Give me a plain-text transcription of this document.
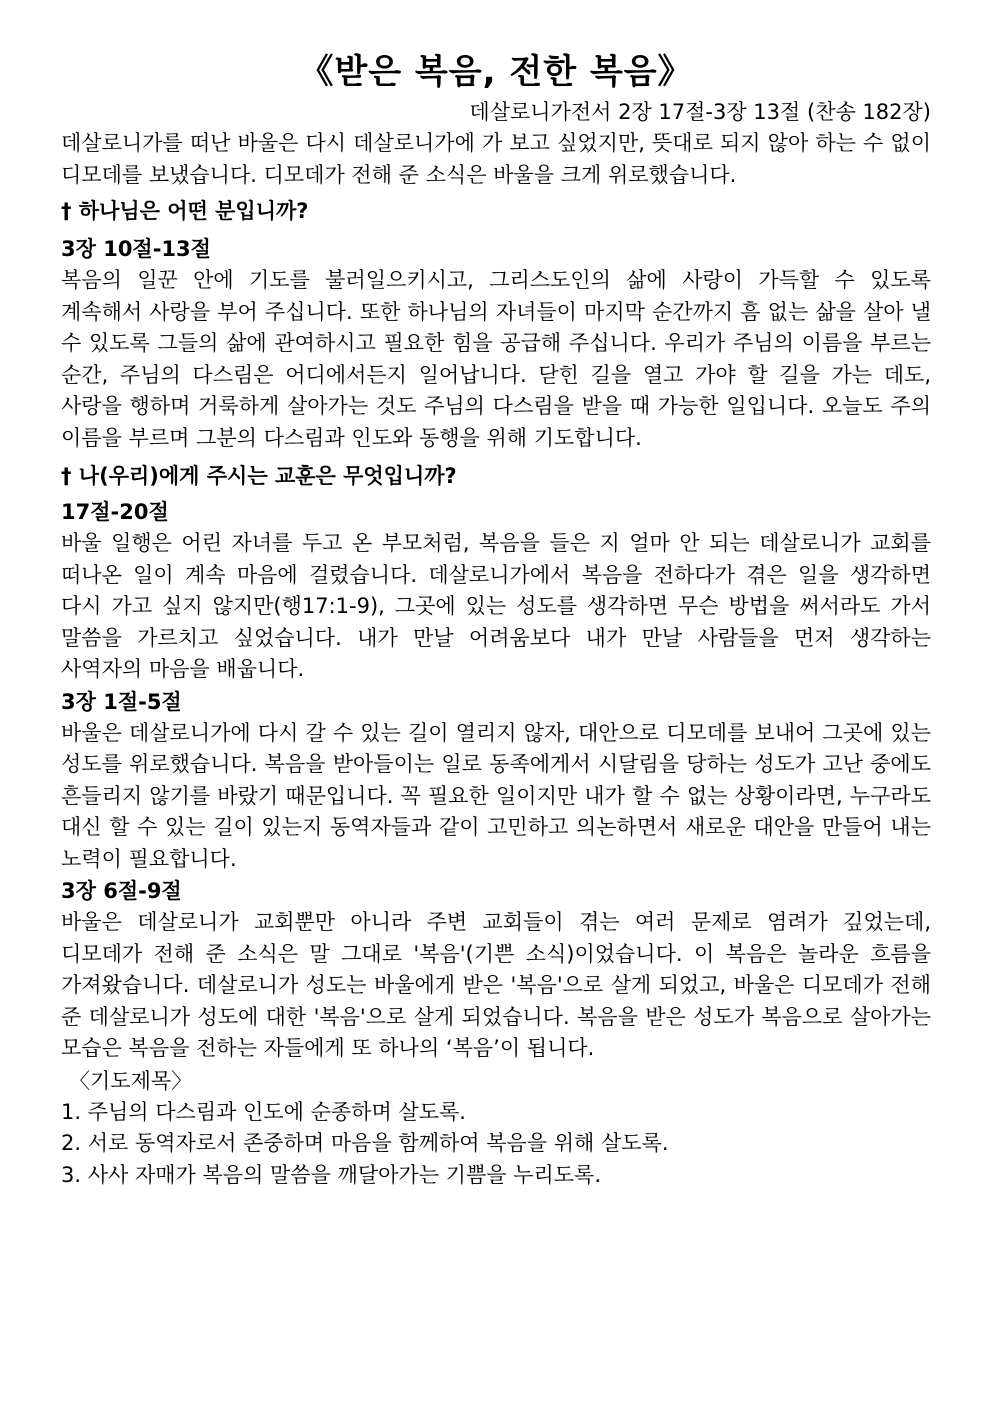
《받은 복음, 전한 복음》

데살로니가전서 2장 17절-3장 13절 (찬송 182장)

데살로니가를 떠난 바울은 다시 데살로니가에 가 보고 싶었지만, 뜻대로 되지 않아 하는 수 없이 디모데를 보냈습니다. 디모데가 전해 준 소식은 바울을 크게 위로했습니다.

† 하나님은 어떤 분입니까?

3장 10절-13절

복음의 일꾼 안에 기도를 불러일으키시고, 그리스도인의 삶에 사랑이 가득할 수 있도록 계속해서 사랑을 부어 주십니다. 또한 하나님의 자녀들이 마지막 순간까지 흠 없는 삶을 살아 낼 수 있도록 그들의 삶에 관여하시고 필요한 힘을 공급해 주십니다. 우리가 주님의 이름을 부르는 순간, 주님의 다스림은 어디에서든지 일어납니다. 닫힌 길을 열고 가야 할 길을 가는 데도, 사랑을 행하며 거룩하게 살아가는 것도 주님의 다스림을 받을 때 가능한 일입니다. 오늘도 주의 이름을 부르며 그분의 다스림과 인도와 동행을 위해 기도합니다.

† 나(우리)에게 주시는 교훈은 무엇입니까?

17절-20절

바울 일행은 어린 자녀를 두고 온 부모처럼, 복음을 들은 지 얼마 안 되는 데살로니가 교회를 떠나온 일이 계속 마음에 걸렸습니다. 데살로니가에서 복음을 전하다가 겪은 일을 생각하면 다시 가고 싶지 않지만(행17:1-9), 그곳에 있는 성도를 생각하면 무슨 방법을 써서라도 가서 말씀을 가르치고 싶었습니다. 내가 만날 어려움보다 내가 만날 사람들을 먼저 생각하는 사역자의 마음을 배웁니다.

3장 1절-5절

바울은 데살로니가에 다시 갈 수 있는 길이 열리지 않자, 대안으로 디모데를 보내어 그곳에 있는 성도를 위로했습니다. 복음을 받아들이는 일로 동족에게서 시달림을 당하는 성도가 고난 중에도 흔들리지 않기를 바랐기 때문입니다. 꼭 필요한 일이지만 내가 할 수 없는 상황이라면, 누구라도 대신 할 수 있는 길이 있는지 동역자들과 같이 고민하고 의논하면서 새로운 대안을 만들어 내는 노력이 필요합니다.

3장 6절-9절

바울은 데살로니가 교회뿐만 아니라 주변 교회들이 겪는 여러 문제로 염려가 깊었는데, 디모데가 전해 준 소식은 말 그대로 '복음'(기쁜 소식)이었습니다. 이 복음은 놀라운 흐름을 가져왔습니다. 데살로니가 성도는 바울에게 받은 '복음'으로 살게 되었고, 바울은 디모데가 전해 준 데살로니가 성도에 대한 '복음'으로 살게 되었습니다. 복음을 받은 성도가 복음으로 살아가는 모습은 복음을 전하는 자들에게 또 하나의 ‘복음’이 됩니다.

〈기도제목〉

1. 주님의 다스림과 인도에 순종하며 살도록.
2. 서로 동역자로서 존중하며 마음을 함께하여 복음을 위해 살도록.
3. 사사 자매가 복음의 말씀을 깨달아가는 기쁨을 누리도록.
